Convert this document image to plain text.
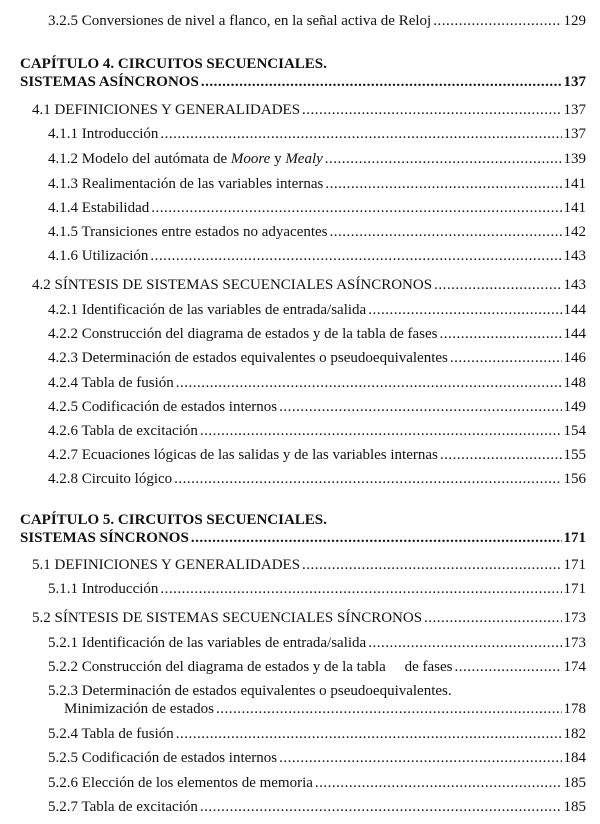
3.2.5 Conversiones de nivel a flanco, en la señal activa de Reloj .....	129
CAPÍTULO 4. CIRCUITOS SECUENCIALES.
SISTEMAS ASÍNCRONOS .....	137
4.1 DEFINICIONES Y GENERALIDADES .....	137
4.1.1 Introducción .....	137
4.1.2 Modelo del autómata de Moore y Mealy .....	139
4.1.3 Realimentación de las variables internas .....	141
4.1.4 Estabilidad .....	141
4.1.5 Transiciones entre estados no adyacentes .....	142
4.1.6 Utilización .....	143
4.2 SÍNTESIS DE SISTEMAS SECUENCIALES ASÍNCRONOS .....	143
4.2.1 Identificación de las variables de entrada/salida .....	144
4.2.2 Construcción del diagrama de estados y de la tabla de fases .....	144
4.2.3 Determinación de estados equivalentes o pseudoequivalentes .....	146
4.2.4 Tabla de fusión .....	148
4.2.5 Codificación de estados internos .....	149
4.2.6 Tabla de excitación .....	154
4.2.7 Ecuaciones lógicas de las salidas y de las variables internas .....	155
4.2.8 Circuito lógico .....	156
CAPÍTULO 5. CIRCUITOS SECUENCIALES.
SISTEMAS SÍNCRONOS .....	171
5.1 DEFINICIONES Y GENERALIDADES .....	171
5.1.1 Introducción .....	171
5.2 SÍNTESIS DE SISTEMAS SECUENCIALES SÍNCRONOS .....	173
5.2.1 Identificación de las variables de entrada/salida .....	173
5.2.2 Construcción del diagrama de estados y de la tabla     de fases .....	174
5.2.3 Determinación de estados equivalentes o pseudoequivalentes.
Minimización de estados .....	178
5.2.4 Tabla de fusión .....	182
5.2.5 Codificación de estados internos .....	184
5.2.6 Elección de los elementos de memoria .....	185
5.2.7 Tabla de excitación .....	185
